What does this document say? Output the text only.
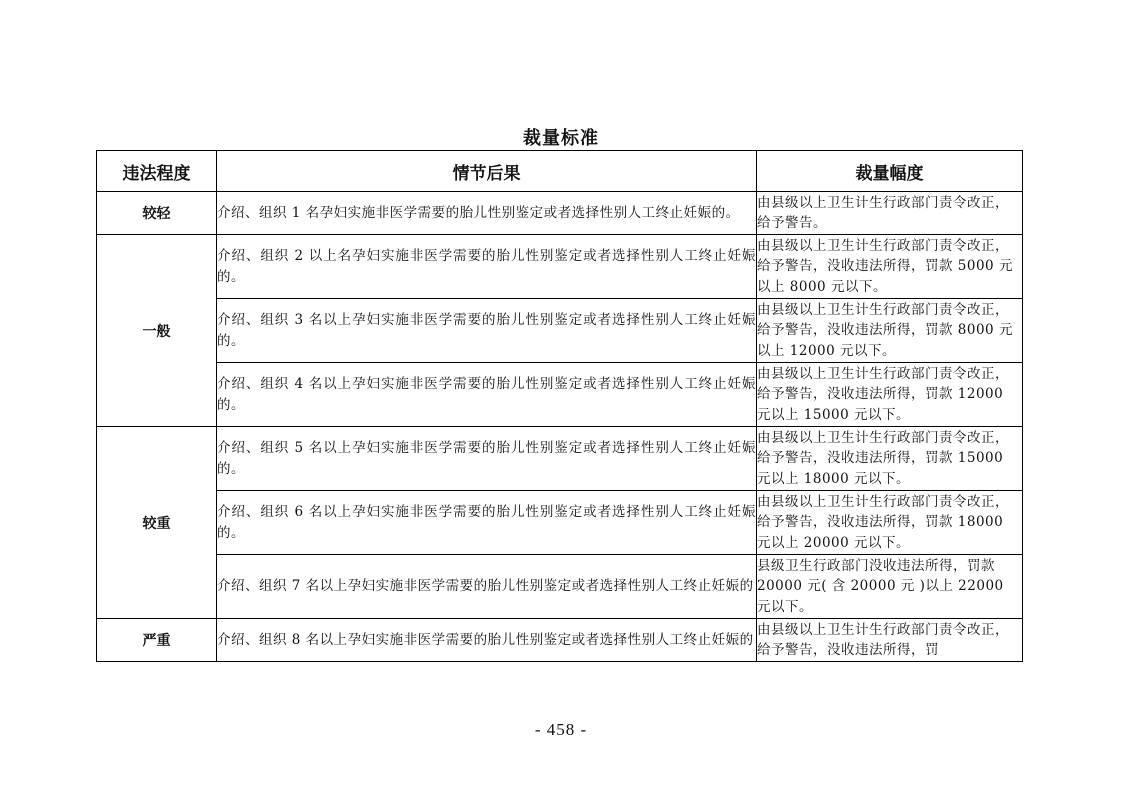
裁量标准
违法程度	情节后果	裁量幅度
较轻	介绍、组织 1 名孕妇实施非医学需要的胎儿性别鉴定或者选择性别人工终止妊娠的。	由县级以上卫生计生行政部门责令改正，给予警告。
一般	介绍、组织 2 以上名孕妇实施非医学需要的胎儿性别鉴定或者选择性别人工终止妊娠的。	由县级以上卫生计生行政部门责令改正，给予警告，没收违法所得，罚款 5000 元以上 8000 元以下。
	介绍、组织 3 名以上孕妇实施非医学需要的胎儿性别鉴定或者选择性别人工终止妊娠的。	由县级以上卫生计生行政部门责令改正，给予警告，没收违法所得，罚款 8000 元以上 12000 元以下。
	介绍、组织 4 名以上孕妇实施非医学需要的胎儿性别鉴定或者选择性别人工终止妊娠的。	由县级以上卫生计生行政部门责令改正，给予警告，没收违法所得，罚款 12000 元以上 15000 元以下。
较重	介绍、组织 5 名以上孕妇实施非医学需要的胎儿性别鉴定或者选择性别人工终止妊娠的。	由县级以上卫生计生行政部门责令改正，给予警告，没收违法所得，罚款 15000 元以上 18000 元以下。
	介绍、组织 6 名以上孕妇实施非医学需要的胎儿性别鉴定或者选择性别人工终止妊娠的。	由县级以上卫生计生行政部门责令改正，给予警告，没收违法所得，罚款 18000 元以上 20000 元以下。
	介绍、组织 7 名以上孕妇实施非医学需要的胎儿性别鉴定或者选择性别人工终止妊娠的	县级卫生行政部门没收违法所得，罚款 20000 元( 含 20000 元 )以上 22000 元以下。
严重	介绍、组织 8 名以上孕妇实施非医学需要的胎儿性别鉴定或者选择性别人工终止妊娠的	由县级以上卫生计生行政部门责令改正，给予警告，没收违法所得，罚
- 458 -
